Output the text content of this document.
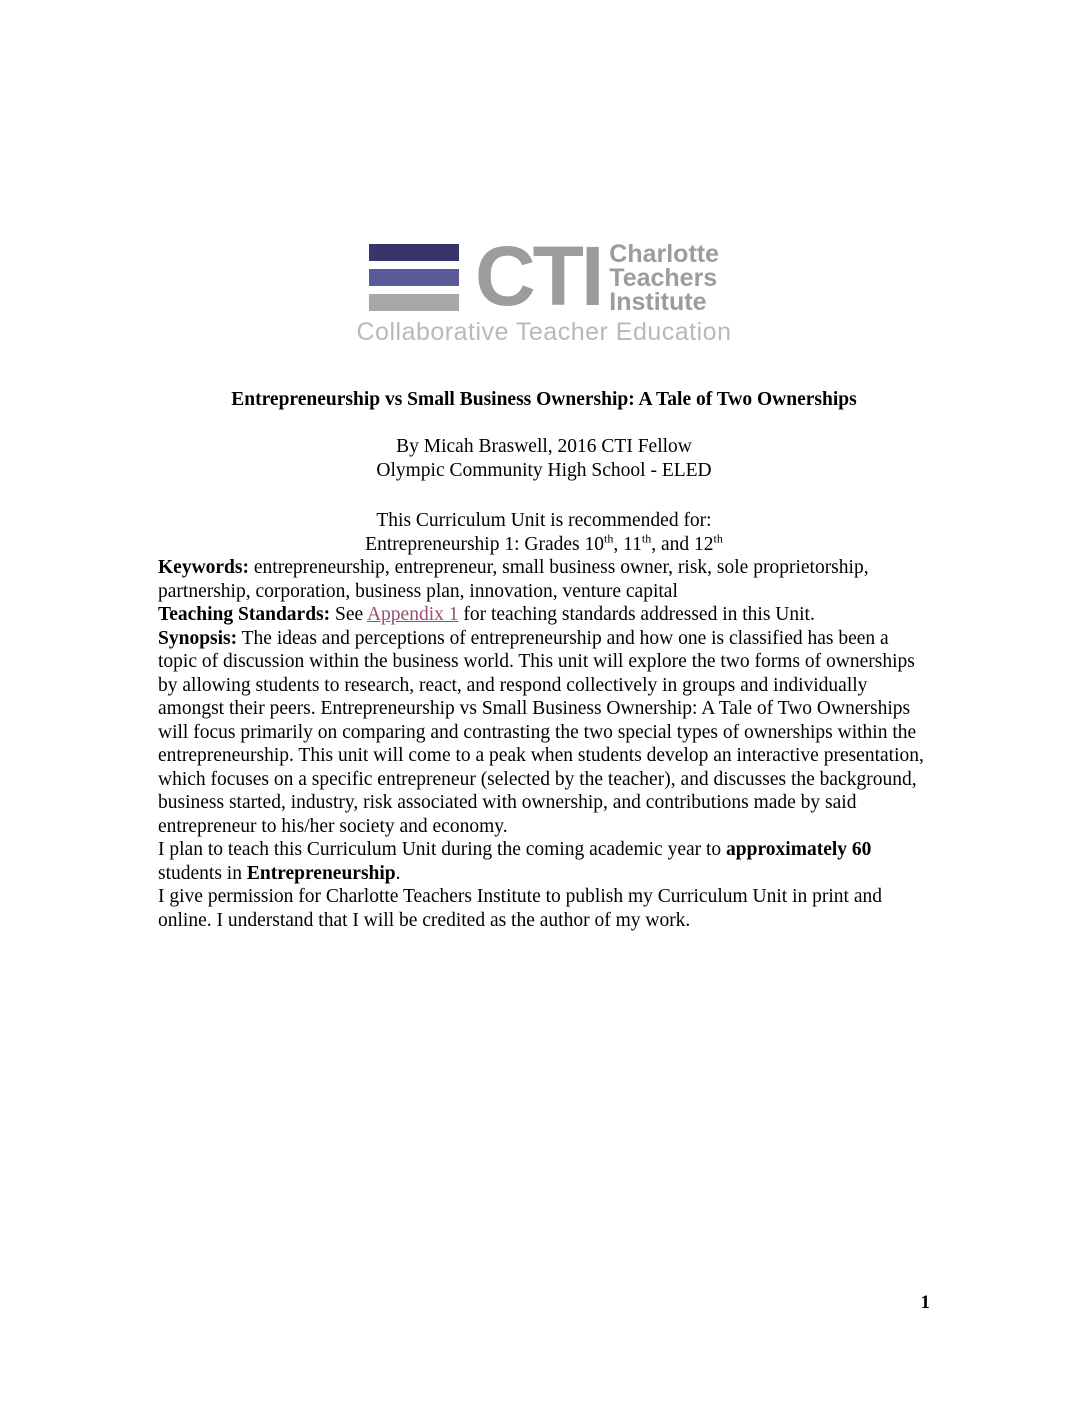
CTI Charlotte
Teachers
Institute
Collaborative Teacher Education
Entrepreneurship vs Small Business Ownership: A Tale of Two Ownerships
By Micah Braswell, 2016 CTI Fellow
Olympic Community High School - ELED
This Curriculum Unit is recommended for:
Entrepreneurship 1: Grades 10th, 11th, and 12th

Keywords: entrepreneurship, entrepreneur, small business owner, risk, sole proprietorship, partnership, corporation, business plan, innovation, venture capital

Teaching Standards: See Appendix 1 for teaching standards addressed in this Unit.

Synopsis: The ideas and perceptions of entrepreneurship and how one is classified has been a topic of discussion within the business world. This unit will explore the two forms of ownerships by allowing students to research, react, and respond collectively in groups and individually amongst their peers. Entrepreneurship vs Small Business Ownership: A Tale of Two Ownerships will focus primarily on comparing and contrasting the two special types of ownerships within the entrepreneurship. This unit will come to a peak when students develop an interactive presentation, which focuses on a specific entrepreneur (selected by the teacher), and discusses the background, business started, industry, risk associated with ownership, and contributions made by said entrepreneur to his/her society and economy.

I plan to teach this Curriculum Unit during the coming academic year to approximately 60 students in Entrepreneurship.

I give permission for Charlotte Teachers Institute to publish my Curriculum Unit in print and online. I understand that I will be credited as the author of my work.

1
